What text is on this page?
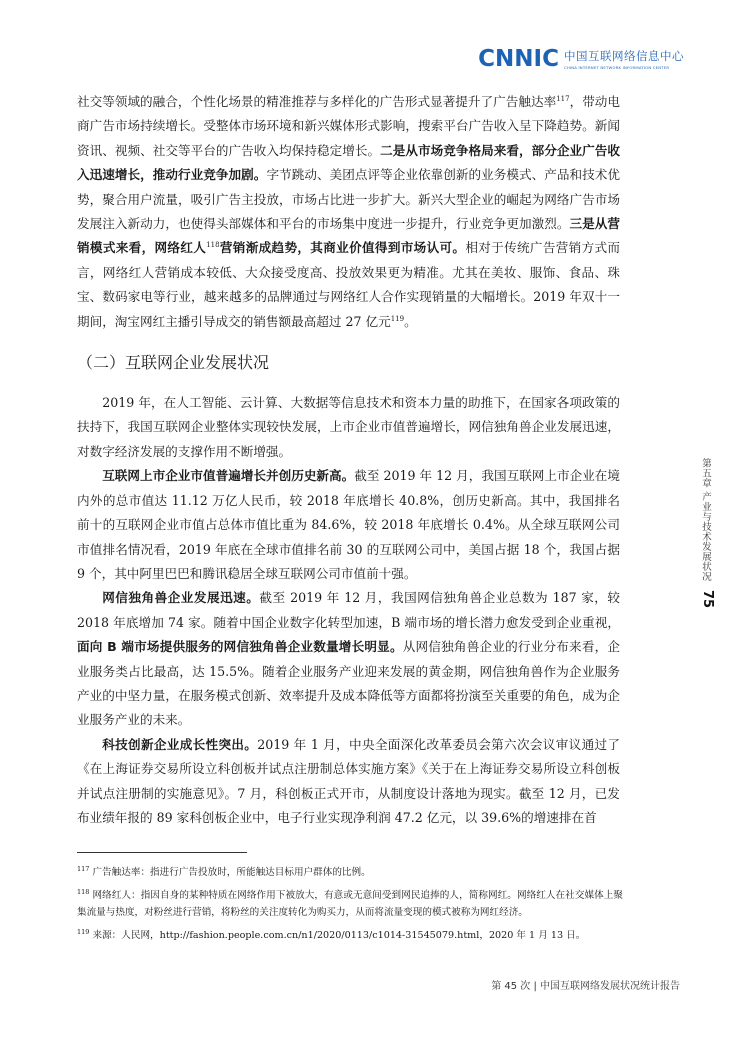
CNNIC 中国互联网络信息中心
CHINA INTERNET NETWORK INFORMATION CENTER

社交等领域的融合，个性化场景的精准推荐与多样化的广告形式显著提升了广告触达率$^{117}$，带动电商广告市场持续增长。受整体市场环境和新兴媒体形式影响，搜索平台广告收入呈下降趋势。新闻资讯、视频、社交等平台的广告收入均保持稳定增长。二是从市场竞争格局来看，部分企业广告收入迅速增长，推动行业竞争加剧。字节跳动、美团点评等企业依靠创新的业务模式、产品和技术优势，聚合用户流量，吸引广告主投放，市场占比进一步扩大。新兴大型企业的崛起为网络广告市场发展注入新动力，也使得头部媒体和平台的市场集中度进一步提升，行业竞争更加激烈。三是从营销模式来看，网络红人$^{118}$营销渐成趋势，其商业价值得到市场认可。相对于传统广告营销方式而言，网络红人营销成本较低、大众接受度高、投放效果更为精准。尤其在美妆、服饰、食品、珠宝、数码家电等行业，越来越多的品牌通过与网络红人合作实现销量的大幅增长。2019 年双十一期间，淘宝网红主播引导成交的销售额最高超过 27 亿元$^{119}$。

（二）互联网企业发展状况

2019 年，在人工智能、云计算、大数据等信息技术和资本力量的助推下，在国家各项政策的扶持下，我国互联网企业整体实现较快发展，上市企业市值普遍增长，网信独角兽企业发展迅速，对数字经济发展的支撑作用不断增强。

互联网上市企业市值普遍增长并创历史新高。截至 2019 年 12 月，我国互联网上市企业在境内外的总市值达 11.12 万亿人民币，较 2018 年底增长 40.8%，创历史新高。其中，我国排名前十的互联网企业市值占总体市值比重为 84.6%，较 2018 年底增长 0.4%。从全球互联网公司市值排名情况看，2019 年底在全球市值排名前 30 的互联网公司中，美国占据 18 个，我国占据 9 个，其中阿里巴巴和腾讯稳居全球互联网公司市值前十强。

网信独角兽企业发展迅速。截至 2019 年 12 月，我国网信独角兽企业总数为 187 家，较 2018 年底增加 74 家。随着中国企业数字化转型加速，B 端市场的增长潜力愈发受到企业重视，面向 B 端市场提供服务的网信独角兽企业数量增长明显。从网信独角兽企业的行业分布来看，企业服务类占比最高，达 15.5%。随着企业服务产业迎来发展的黄金期，网信独角兽作为企业服务产业的中坚力量，在服务模式创新、效率提升及成本降低等方面都将扮演至关重要的角色，成为企业服务产业的未来。

科技创新企业成长性突出。2019 年 1 月，中央全面深化改革委员会第六次会议审议通过了《在上海证券交易所设立科创板并试点注册制总体实施方案》《关于在上海证券交易所设立科创板并试点注册制的实施意见》。7 月，科创板正式开市，从制度设计落地为现实。截至 12 月，已发布业绩年报的 89 家科创板企业中，电子行业实现净利润 47.2 亿元，以 39.6%的增速排在首

$^{117}$ 广告触达率：指进行广告投放时，所能触达目标用户群体的比例。

$^{118}$ 网络红人：指因自身的某种特质在网络作用下被放大，有意或无意间受到网民追捧的人，简称网红。网络红人在社交媒体上聚集流量与热度，对粉丝进行营销，将粉丝的关注度转化为购买力，从而将流量变现的模式被称为网红经济。

$^{119}$ 来源：人民网，http://fashion.people.com.cn/n1/2020/0113/c1014-31545079.html，2020 年 1 月 13 日。

第 45 次 | 中国互联网络发展状况统计报告
第五章 产业与技术发展状况
75
